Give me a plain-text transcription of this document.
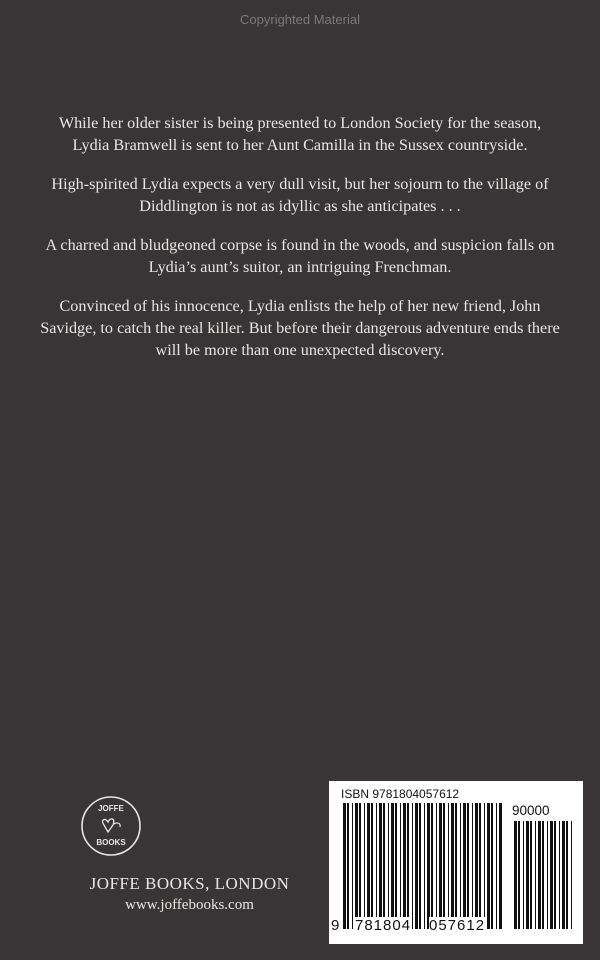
Copyrighted Material

While her older sister is being presented to London Society for the season, Lydia Bramwell is sent to her Aunt Camilla in the Sussex countryside.

High-spirited Lydia expects a very dull visit, but her sojourn to the village of Diddlington is not as idyllic as she anticipates . . .

A charred and bludgeoned corpse is found in the woods, and suspicion falls on Lydia’s aunt’s suitor, an intriguing Frenchman.

Convinced of his innocence, Lydia enlists the help of her new friend, John Savidge, to catch the real killer. But before their dangerous adventure ends there will be more than one unexpected discovery.

JOFFE
BOOKS
JOFFE BOOKS, LONDON
www.joffebooks.com
ISBN 9781804057612
90000
9 781804 057612
